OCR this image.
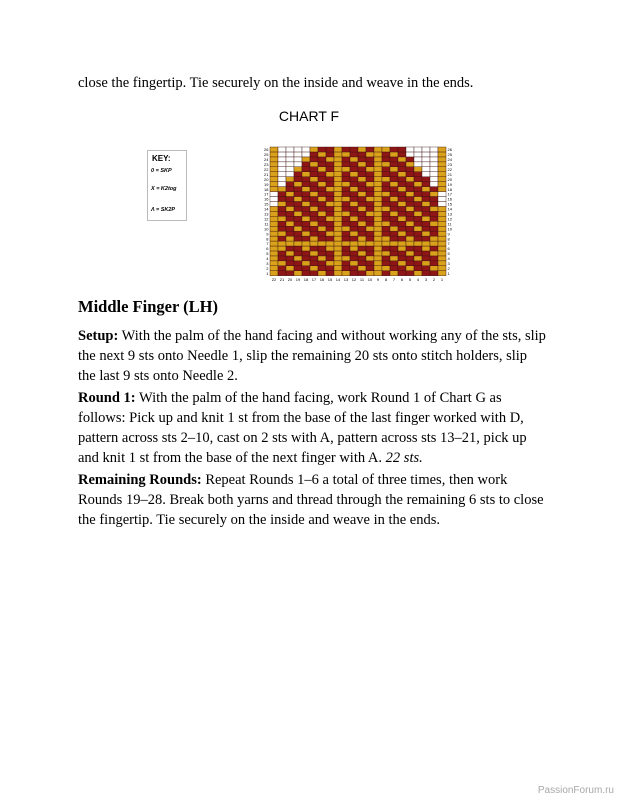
close the fingertip. Tie securely on the inside and weave in the ends.
CHART F
KEY:
0 = SKP
X = K2tog
Λ = SK2P
1	1
2	2
3	3
4	4
5	5
6	6
7	7
8	8
9	9
10	10
11	11
12	12
13	13
14	14
15	15
16	16
17	17
18	18
19	19
20	20
21	21
22	22
23	23
24	24
25	25
26	26
22 21 20 19 18 17 16 15 14 13 12 11 10 9 8 7 6 5 4 3 2 1
Middle Finger (LH)

Setup: With the palm of the hand facing and without working any of the sts, slip the next 9 sts onto Needle 1, slip the remaining 20 sts onto stitch holders, slip the last 9 sts onto Needle 2.

Round 1: With the palm of the hand facing, work Round 1 of Chart G as follows: Pick up and knit 1 st from the base of the last finger worked with D, pattern across sts 2–10, cast on 2 sts with A, pattern across sts 13–21, pick up and knit 1 st from the base of the next finger with A. 22 sts.

Remaining Rounds: Repeat Rounds 1–6 a total of three times, then work Rounds 19–28. Break both yarns and thread through the remaining 6 sts to close the fingertip. Tie securely on the inside and weave in the ends.

PassionForum.ru
